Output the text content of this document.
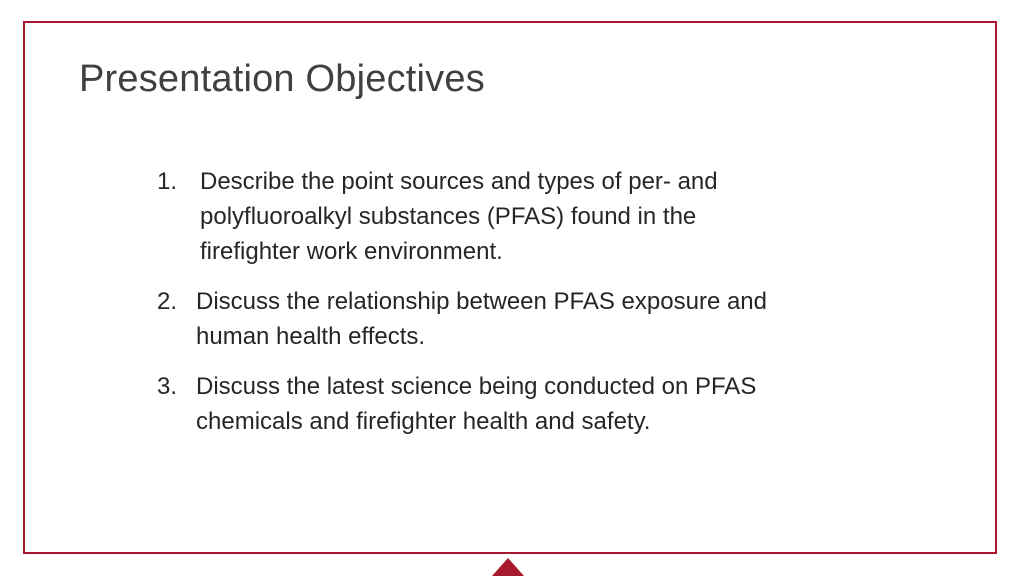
Presentation Objectives
1. Describe the point sources and types of per- and polyfluoroalkyl substances (PFAS) found in the firefighter work environment.
2. Discuss the relationship between PFAS exposure and human health effects.
3. Discuss the latest science being conducted on PFAS chemicals and firefighter health and safety.
